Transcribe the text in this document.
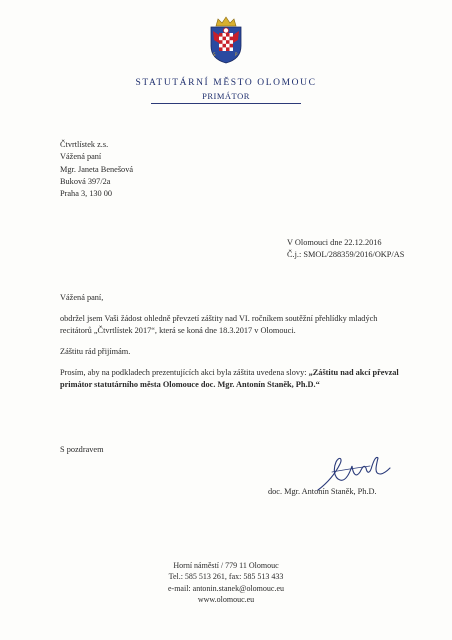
S	P
STATUTÁRNÍ MĚSTO OLOMOUC
PRIMÁTOR
Čtvrtlístek z.s.
Vážená paní
Mgr. Janeta Benešová
Buková 397/2a
Praha 3, 130 00
V Olomouci dne 22.12.2016
Č.j.: SMOL/288359/2016/OKP/AS
Vážená paní,
obdržel jsem Vaši žádost ohledně převzetí záštity nad VI. ročníkem soutěžní přehlídky mladých recitátorů „Čtvrtlístek 2017“, která se koná dne 18.3.2017 v Olomouci.
Záštitu rád přijímám.
Prosím, aby na podkladech prezentujících akci byla záštita uvedena slovy: „Záštitu nad akcí převzal primátor statutárního města Olomouce doc. Mgr. Antonín Staněk, Ph.D.“
S pozdravem
doc. Mgr. Antonín Staněk, Ph.D.
Horní náměstí / 779 11 Olomouc
Tel.: 585 513 261, fax: 585 513 433
e-mail: antonin.stanek@olomouc.eu
www.olomouc.eu
